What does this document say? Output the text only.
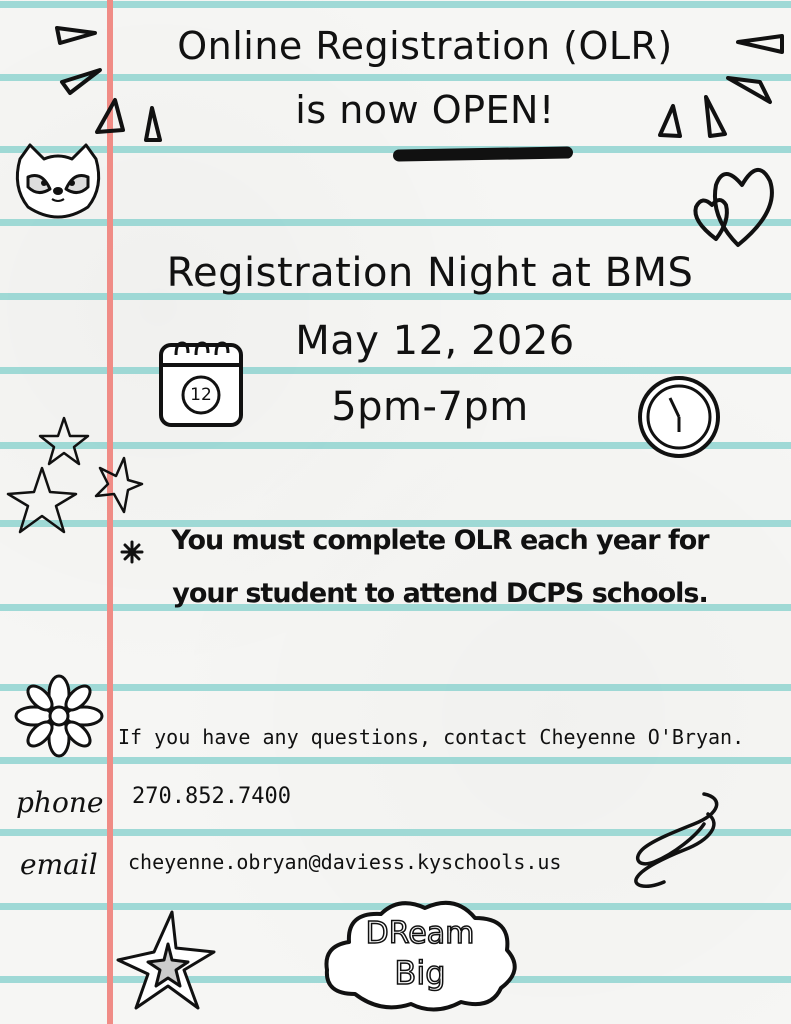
Online Registration (OLR)
is now OPEN!
Registration Night at BMS
May 12, 2026
5pm-7pm
12
You must complete OLR each year for
your student to attend DCPS schools.
If you have any questions, contact Cheyenne O'Bryan.
phone	270.852.7400
email	cheyenne.obryan@daviess.kyschools.us
DReam
Big
